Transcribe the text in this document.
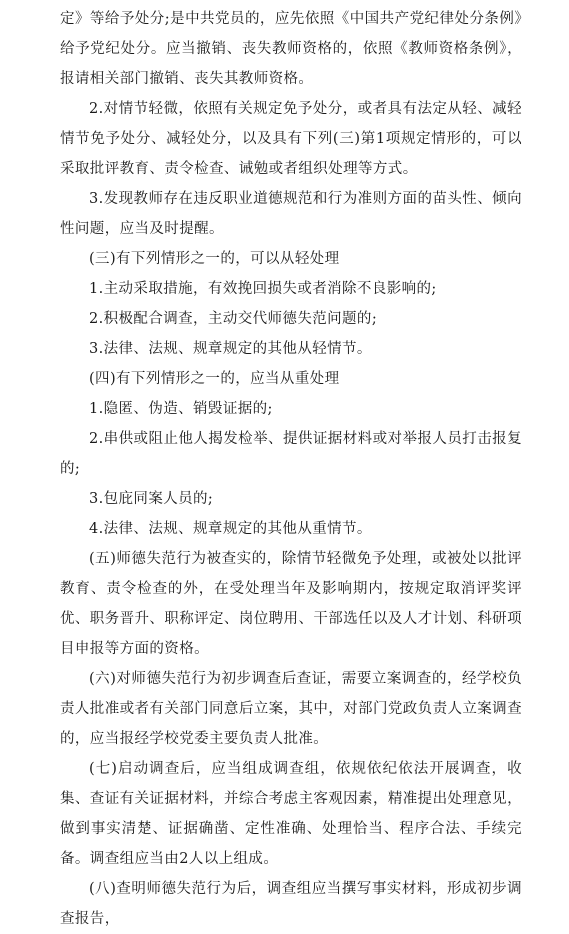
定》等给予处分;是中共党员的，应先依照《中国共产党纪律处分条例》给予党纪处分。应当撤销、丧失教师资格的，依照《教师资格条例》，报请相关部门撤销、丧失其教师资格。

2.对情节轻微，依照有关规定免予处分，或者具有法定从轻、减轻情节免予处分、减轻处分，以及具有下列(三)第1项规定情形的，可以采取批评教育、责令检查、诫勉或者组织处理等方式。

3.发现教师存在违反职业道德规范和行为准则方面的苗头性、倾向性问题，应当及时提醒。

(三)有下列情形之一的，可以从轻处理

1.主动采取措施，有效挽回损失或者消除不良影响的;

2.积极配合调查，主动交代师德失范问题的;

3.法律、法规、规章规定的其他从轻情节。

(四)有下列情形之一的，应当从重处理

1.隐匿、伪造、销毁证据的;

2.串供或阻止他人揭发检举、提供证据材料或对举报人员打击报复的;

3.包庇同案人员的;

4.法律、法规、规章规定的其他从重情节。

(五)师德失范行为被查实的，除情节轻微免予处理，或被处以批评教育、责令检查的外，在受处理当年及影响期内，按规定取消评奖评优、职务晋升、职称评定、岗位聘用、干部选任以及人才计划、科研项目申报等方面的资格。

(六)对师德失范行为初步调查后查证，需要立案调查的，经学校负责人批准或者有关部门同意后立案，其中，对部门党政负责人立案调查的，应当报经学校党委主要负责人批准。

(七)启动调查后，应当组成调查组，依规依纪依法开展调查，收集、查证有关证据材料，并综合考虑主客观因素，精准提出处理意见，做到事实清楚、证据确凿、定性准确、处理恰当、程序合法、手续完备。调查组应当由2人以上组成。

(八)查明师德失范行为后，调查组应当撰写事实材料，形成初步调查报告，
